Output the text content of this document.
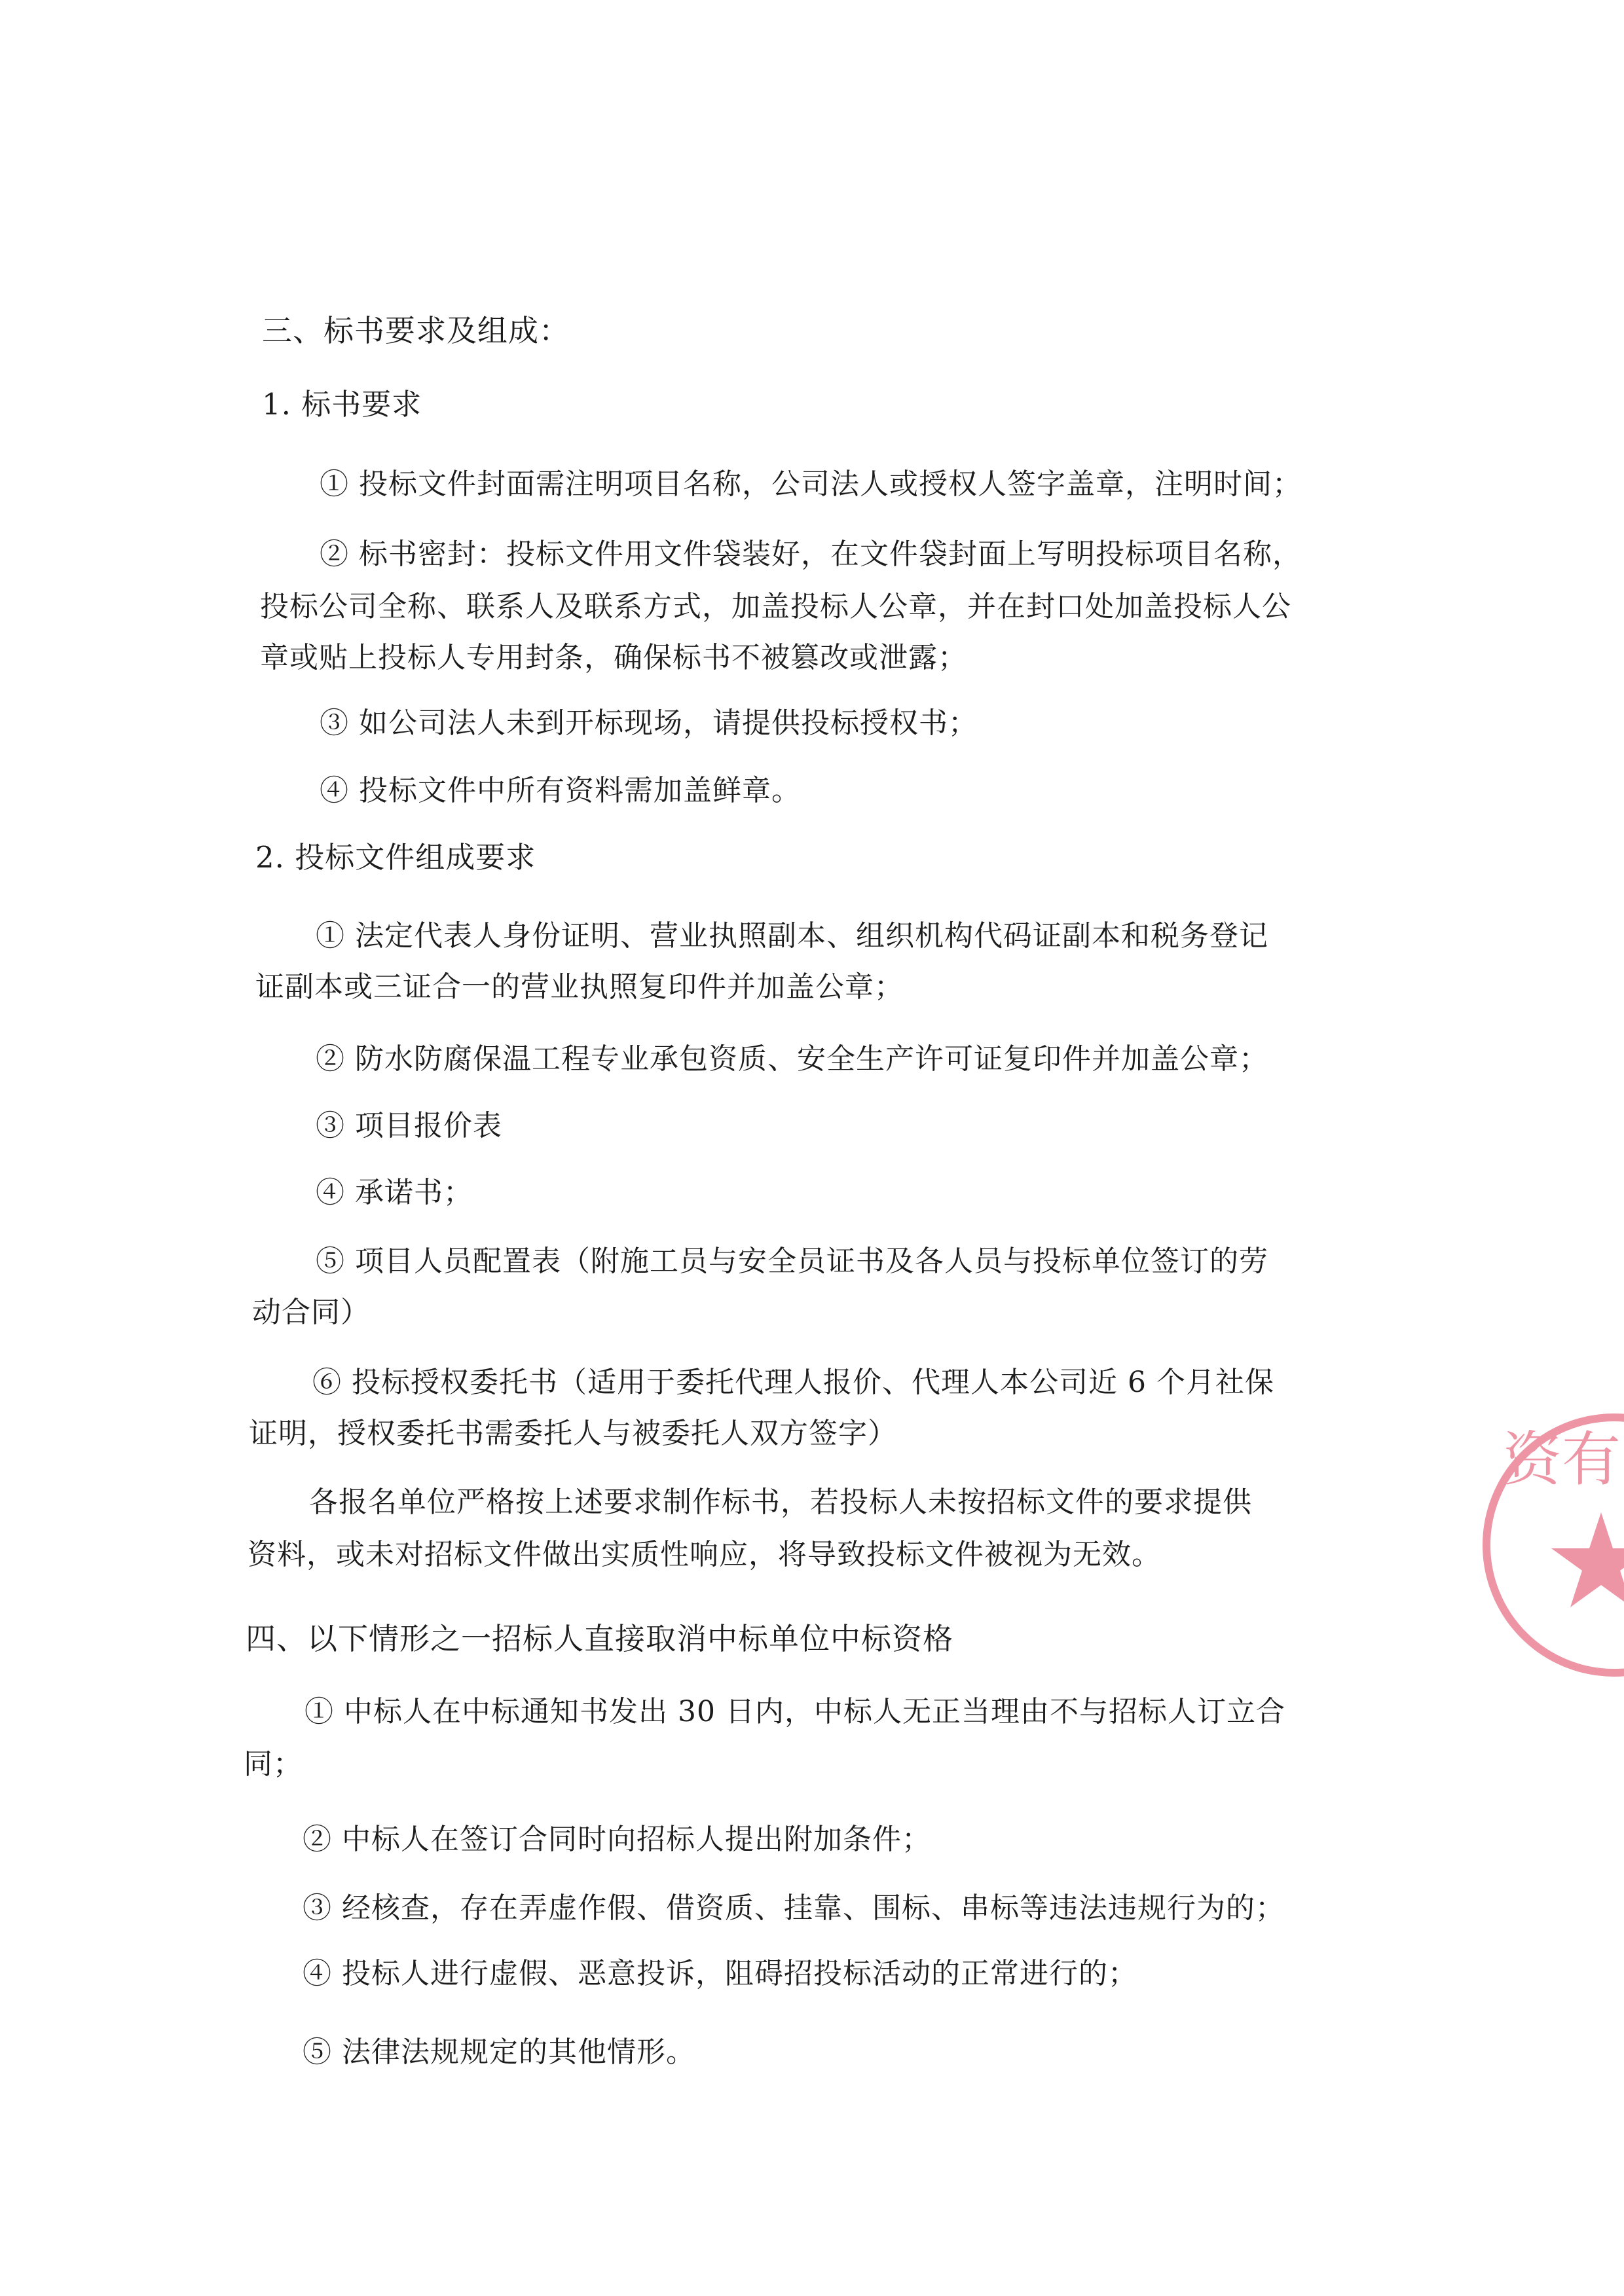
三、标书要求及组成：
1. 标书要求
① 投标文件封面需注明项目名称，公司法人或授权人签字盖章，注明时间；
② 标书密封：投标文件用文件袋装好，在文件袋封面上写明投标项目名称，
投标公司全称、联系人及联系方式，加盖投标人公章，并在封口处加盖投标人公
章或贴上投标人专用封条，确保标书不被篡改或泄露；
③ 如公司法人未到开标现场，请提供投标授权书；
④ 投标文件中所有资料需加盖鲜章。
2. 投标文件组成要求
① 法定代表人身份证明、营业执照副本、组织机构代码证副本和税务登记
证副本或三证合一的营业执照复印件并加盖公章；
② 防水防腐保温工程专业承包资质、安全生产许可证复印件并加盖公章；
③ 项目报价表
④ 承诺书；
⑤ 项目人员配置表（附施工员与安全员证书及各人员与投标单位签订的劳
动合同）
⑥ 投标授权委托书（适用于委托代理人报价、代理人本公司近 6 个月社保
证明，授权委托书需委托人与被委托人双方签字）
各报名单位严格按上述要求制作标书，若投标人未按招标文件的要求提供
资料，或未对招标文件做出实质性响应，将导致投标文件被视为无效。
四、以下情形之一招标人直接取消中标单位中标资格
① 中标人在中标通知书发出 30 日内，中标人无正当理由不与招标人订立合
同；
② 中标人在签订合同时向招标人提出附加条件；
③ 经核查，存在弄虚作假、借资质、挂靠、围标、串标等违法违规行为的；
④ 投标人进行虚假、恶意投诉，阻碍招投标活动的正常进行的；
⑤ 法律法规规定的其他情形。
资有
